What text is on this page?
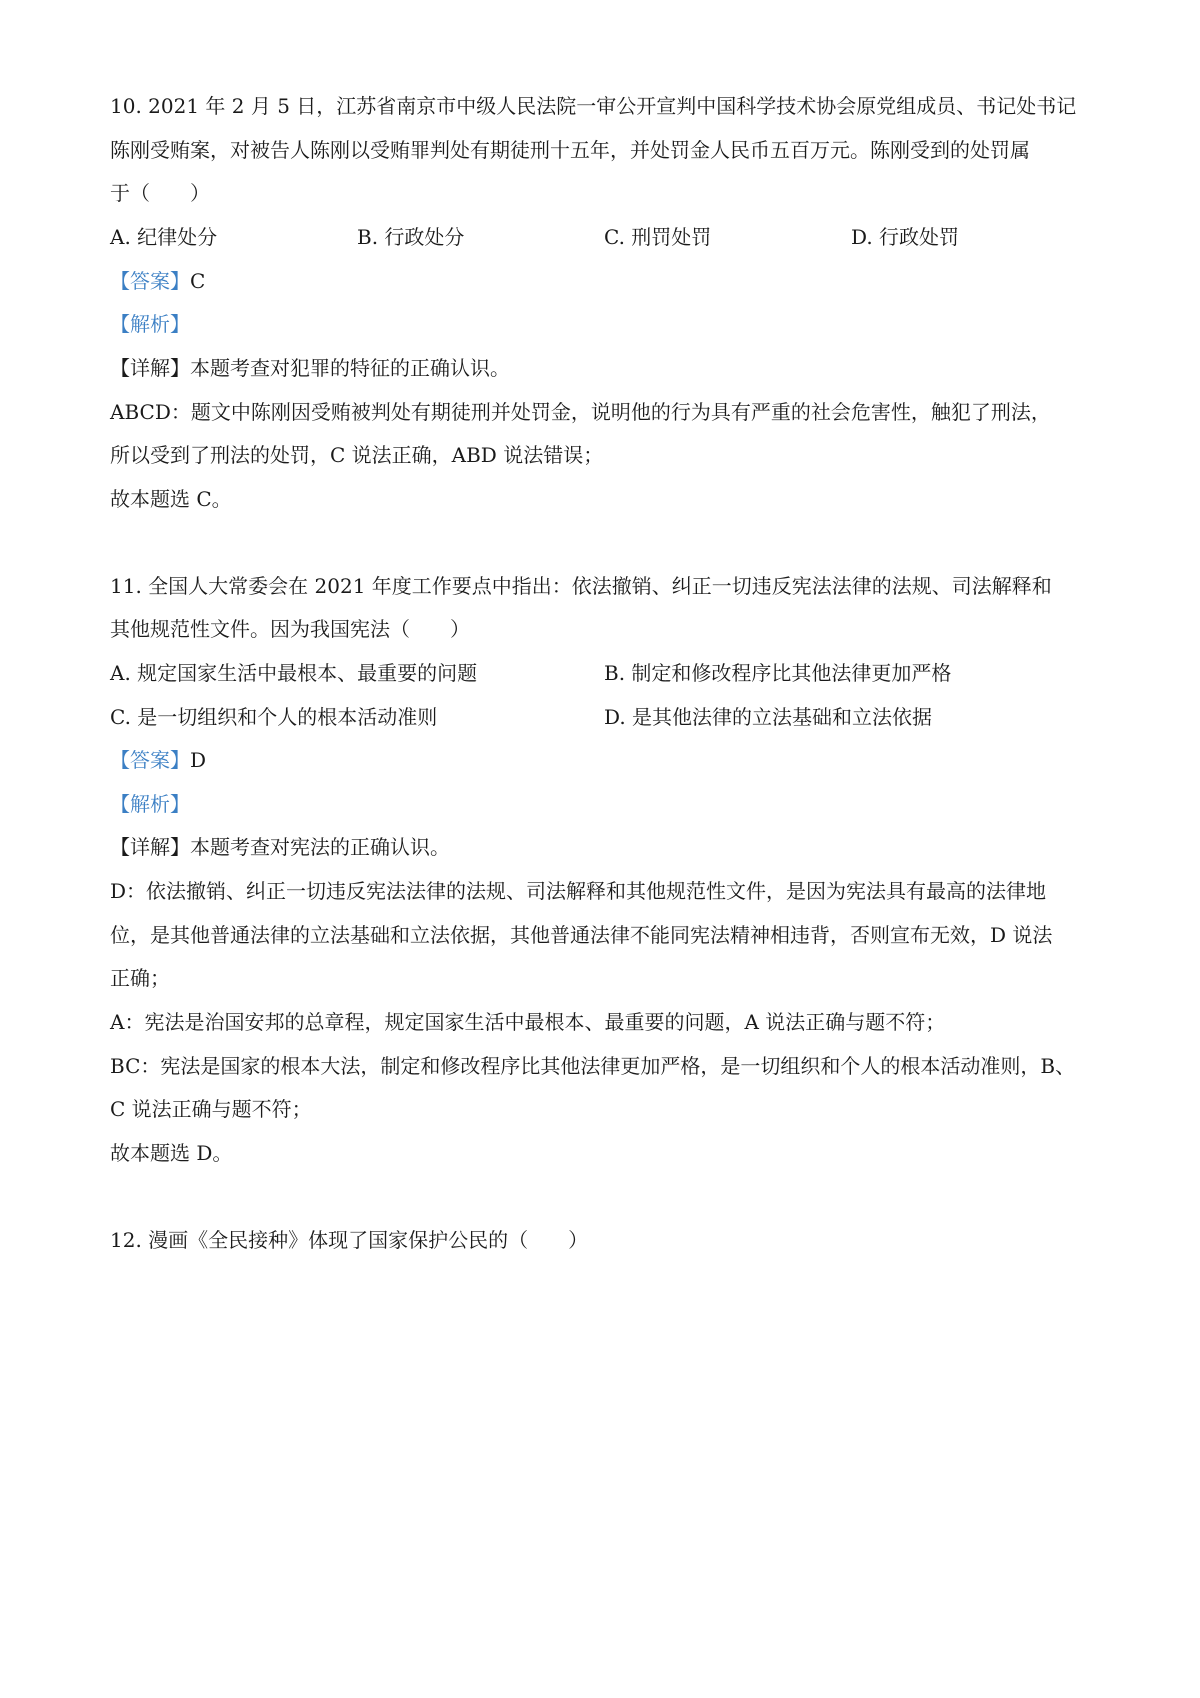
10. 2021 年 2 月 5 日，江苏省南京市中级人民法院一审公开宣判中国科学技术协会原党组成员、书记处书记
陈刚受贿案，对被告人陈刚以受贿罪判处有期徒刑十五年，并处罚金人民币五百万元。陈刚受到的处罚属
于（　　）
A. 纪律处分	B. 行政处分	C. 刑罚处罚	D. 行政处罚
【答案】C
【解析】
【详解】本题考查对犯罪的特征的正确认识。
ABCD：题文中陈刚因受贿被判处有期徒刑并处罚金，说明他的行为具有严重的社会危害性，触犯了刑法，
所以受到了刑法的处罚，C 说法正确，ABD 说法错误；
故本题选 C。
11. 全国人大常委会在 2021 年度工作要点中指出：依法撤销、纠正一切违反宪法法律的法规、司法解释和
其他规范性文件。因为我国宪法（　　）
A. 规定国家生活中最根本、最重要的问题	B. 制定和修改程序比其他法律更加严格
C. 是一切组织和个人的根本活动准则	D. 是其他法律的立法基础和立法依据
【答案】D
【解析】
【详解】本题考查对宪法的正确认识。
D：依法撤销、纠正一切违反宪法法律的法规、司法解释和其他规范性文件，是因为宪法具有最高的法律地
位，是其他普通法律的立法基础和立法依据，其他普通法律不能同宪法精神相违背，否则宣布无效，D 说法
正确；
A：宪法是治国安邦的总章程，规定国家生活中最根本、最重要的问题，A 说法正确与题不符；
BC：宪法是国家的根本大法，制定和修改程序比其他法律更加严格，是一切组织和个人的根本活动准则，B、
C 说法正确与题不符；
故本题选 D。
12. 漫画《全民接种》体现了国家保护公民的（　　）
